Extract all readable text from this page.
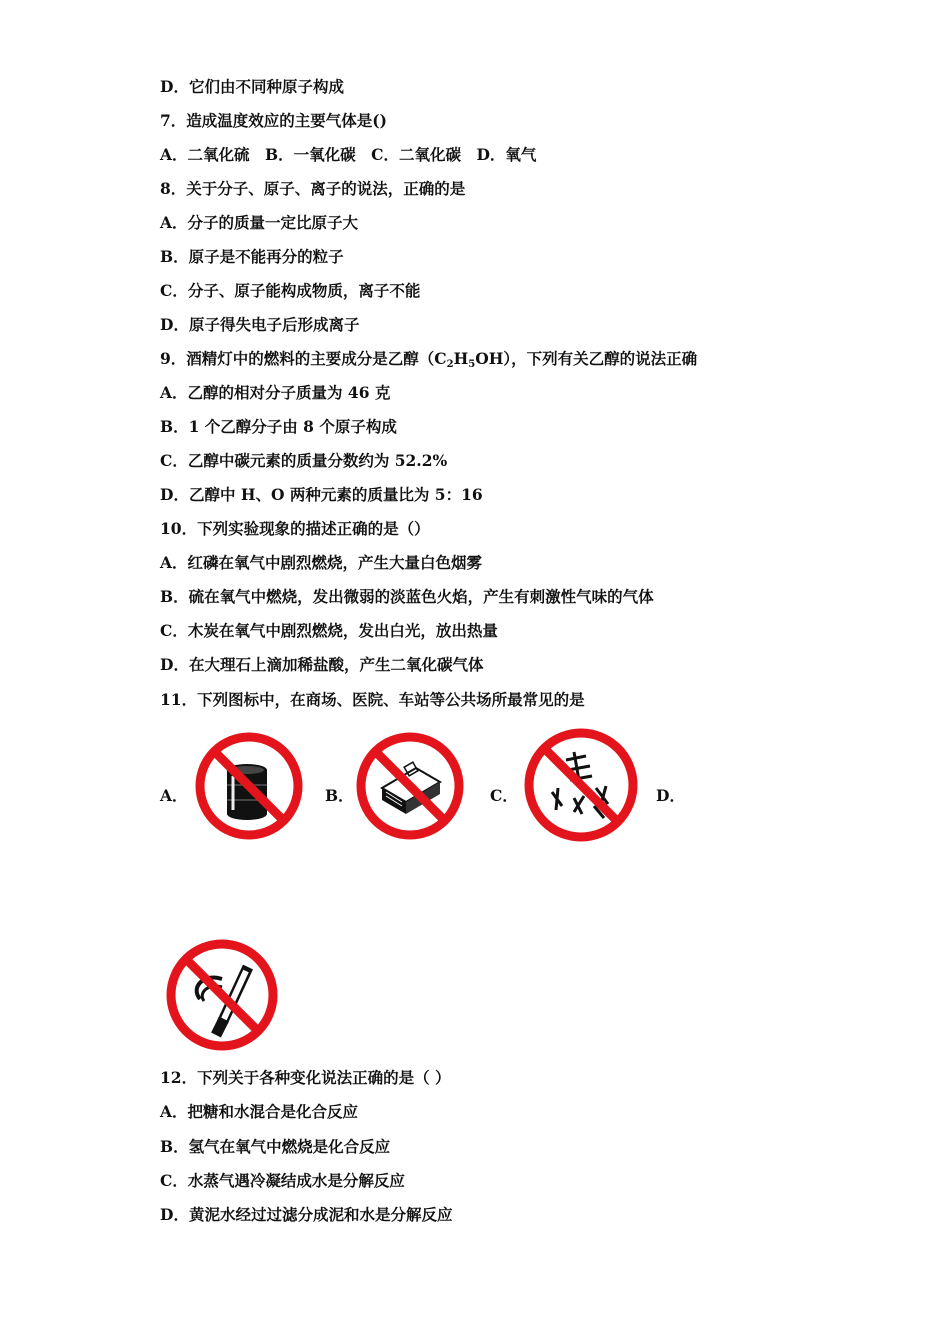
D．它们由不同种原子构成
7．造成温度效应的主要气体是()
A．二氧化硫　B．一氧化碳　C．二氧化碳　D．氧气
8．关于分子、原子、离子的说法，正确的是
A．分子的质量一定比原子大
B．原子是不能再分的粒子
C．分子、原子能构成物质，离子不能
D．原子得失电子后形成离子
9．酒精灯中的燃料的主要成分是乙醇$(C_2H_5OH)$，下列有关乙醇的说法正确
A．乙醇的相对分子质量为 46 克
B．1 个乙醇分子由 8 个原子构成
C．乙醇中碳元素的质量分数约为 52.2%
D．乙醇中 H、O 两种元素的质量比为 5：16
10．下列实验现象的描述正确的是（）
A．红磷在氧气中剧烈燃烧，产生大量白色烟雾
B．硫在氧气中燃烧，发出微弱的淡蓝色火焰，产生有刺激性气味的气体
C．木炭在氧气中剧烈燃烧，发出白光，放出热量
D．在大理石上滴加稀盐酸，产生二氧化碳气体
11．下列图标中，在商场、医院、车站等公共场所最常见的是
A．	B．	C．	D．
12．下列关于各种变化说法正确的是（ ）
A．把糖和水混合是化合反应
B．氢气在氧气中燃烧是化合反应
C．水蒸气遇冷凝结成水是分解反应
D．黄泥水经过过滤分成泥和水是分解反应
